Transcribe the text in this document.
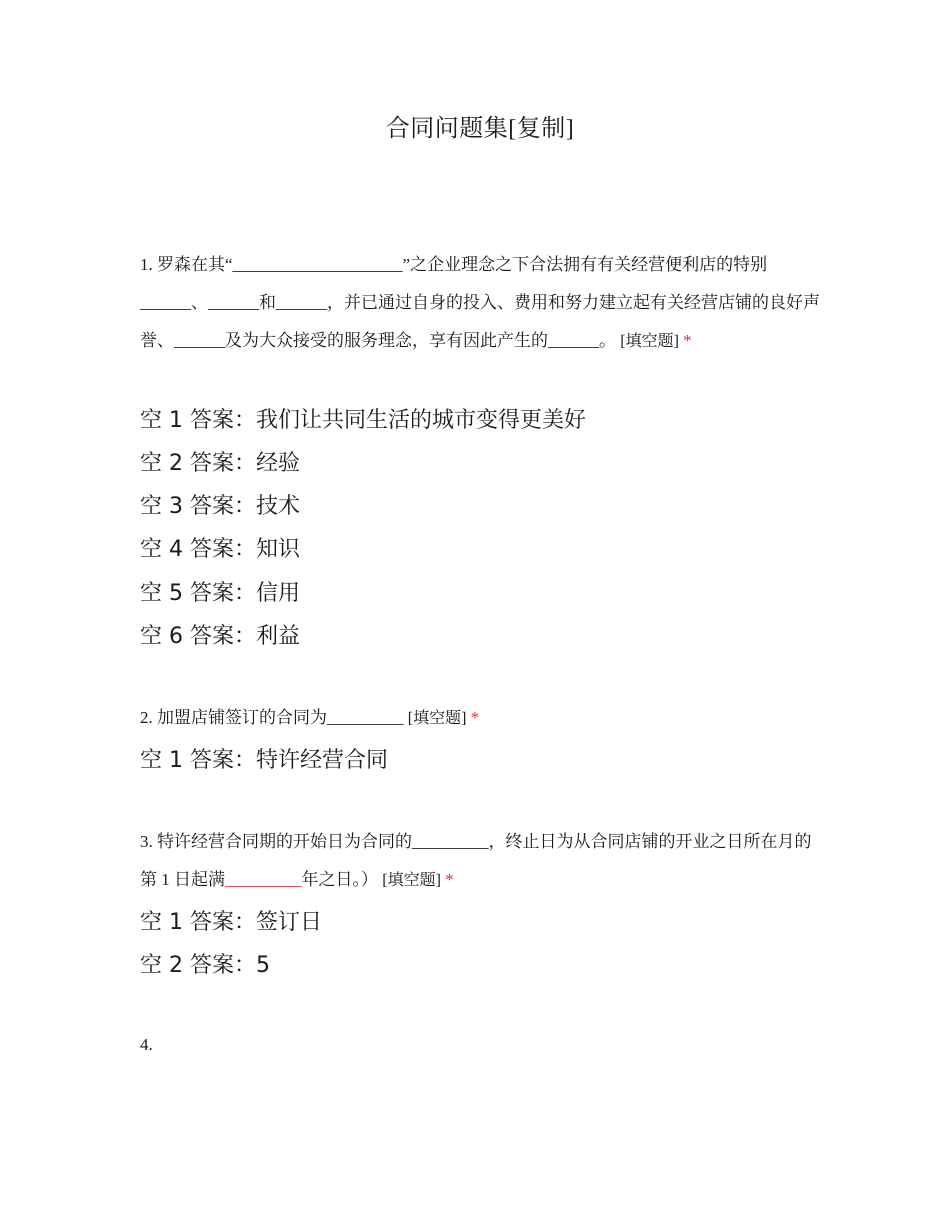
合同问题集[复制]
1. 罗森在其“____________________”之企业理念之下合法拥有有关经营便利店的特别______、______和______，并已通过自身的投入、费用和努力建立起有关经营店铺的良好声誉、______及为大众接受的服务理念，享有因此产生的______。 [填空题] *
空 1 答案：我们让共同生活的城市变得更美好
空 2 答案：经验
空 3 答案：技术
空 4 答案：知识
空 5 答案：信用
空 6 答案：利益
2. 加盟店铺签订的合同为_________ [填空题] *
空 1 答案：特许经营合同
3. 特许经营合同期的开始日为合同的_________，终止日为从合同店铺的开业之日所在月的第 1 日起满_________年之日。） [填空题] *
空 1 答案：签订日
空 2 答案：5
4.
